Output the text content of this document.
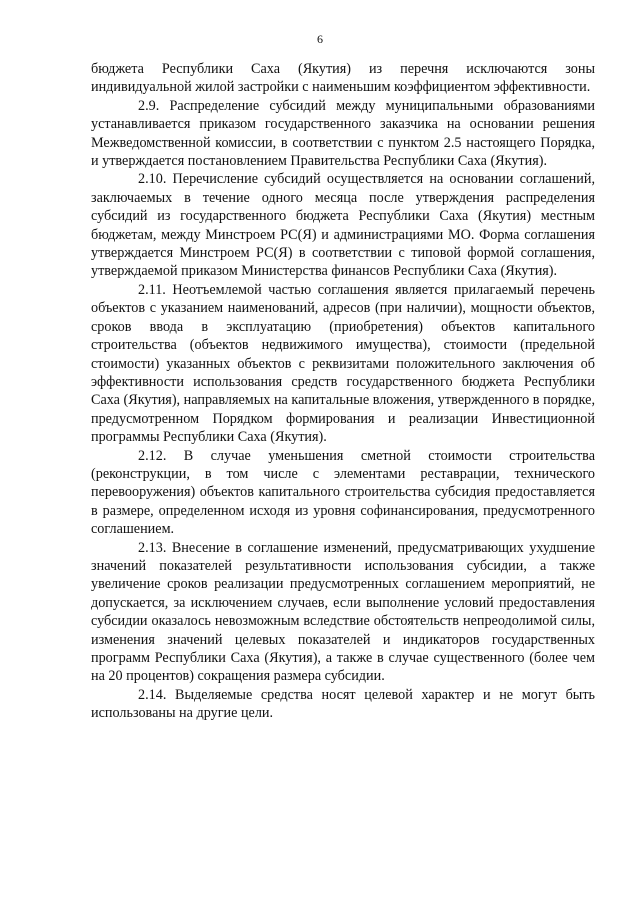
6

бюджета Республики Саха (Якутия) из перечня исключаются зоны индивидуальной жилой застройки с наименьшим коэффициентом эффективности.

2.9. Распределение субсидий между муниципальными образованиями устанавливается приказом государственного заказчика на основании решения Межведомственной комиссии, в соответствии с пунктом 2.5 настоящего Порядка, и утверждается постановлением Правительства Республики Саха (Якутия).

2.10. Перечисление субсидий осуществляется на основании соглашений, заключаемых в течение одного месяца после утверждения распределения субсидий из государственного бюджета Республики Саха (Якутия) местным бюджетам, между Минстроем РС(Я) и администрациями МО. Форма соглашения утверждается Минстроем РС(Я) в соответствии с типовой формой соглашения, утверждаемой приказом Министерства финансов Республики Саха (Якутия).

2.11. Неотъемлемой частью соглашения является прилагаемый перечень объектов с указанием наименований, адресов (при наличии), мощности объектов, сроков ввода в эксплуатацию (приобретения) объектов капитального строительства (объектов недвижимого имущества), стоимости (предельной стоимости) указанных объектов с реквизитами положительного заключения об эффективности использования средств государственного бюджета Республики Саха (Якутия), направляемых на капитальные вложения, утвержденного в порядке, предусмотренном Порядком формирования и реализации Инвестиционной программы Республики Саха (Якутия).

2.12. В случае уменьшения сметной стоимости строительства (реконструкции, в том числе с элементами реставрации, технического перевооружения) объектов капитального строительства субсидия предоставляется в размере, определенном исходя из уровня софинансирования, предусмотренного соглашением.

2.13. Внесение в соглашение изменений, предусматривающих ухудшение значений показателей результативности использования субсидии, а также увеличение сроков реализации предусмотренных соглашением мероприятий, не допускается, за исключением случаев, если выполнение условий предоставления субсидии оказалось невозможным вследствие обстоятельств непреодолимой силы, изменения значений целевых показателей и индикаторов государственных программ Республики Саха (Якутия), а также в случае существенного (более чем на 20 процентов) сокращения размера субсидии.

2.14. Выделяемые средства носят целевой характер и не могут быть использованы на другие цели.
